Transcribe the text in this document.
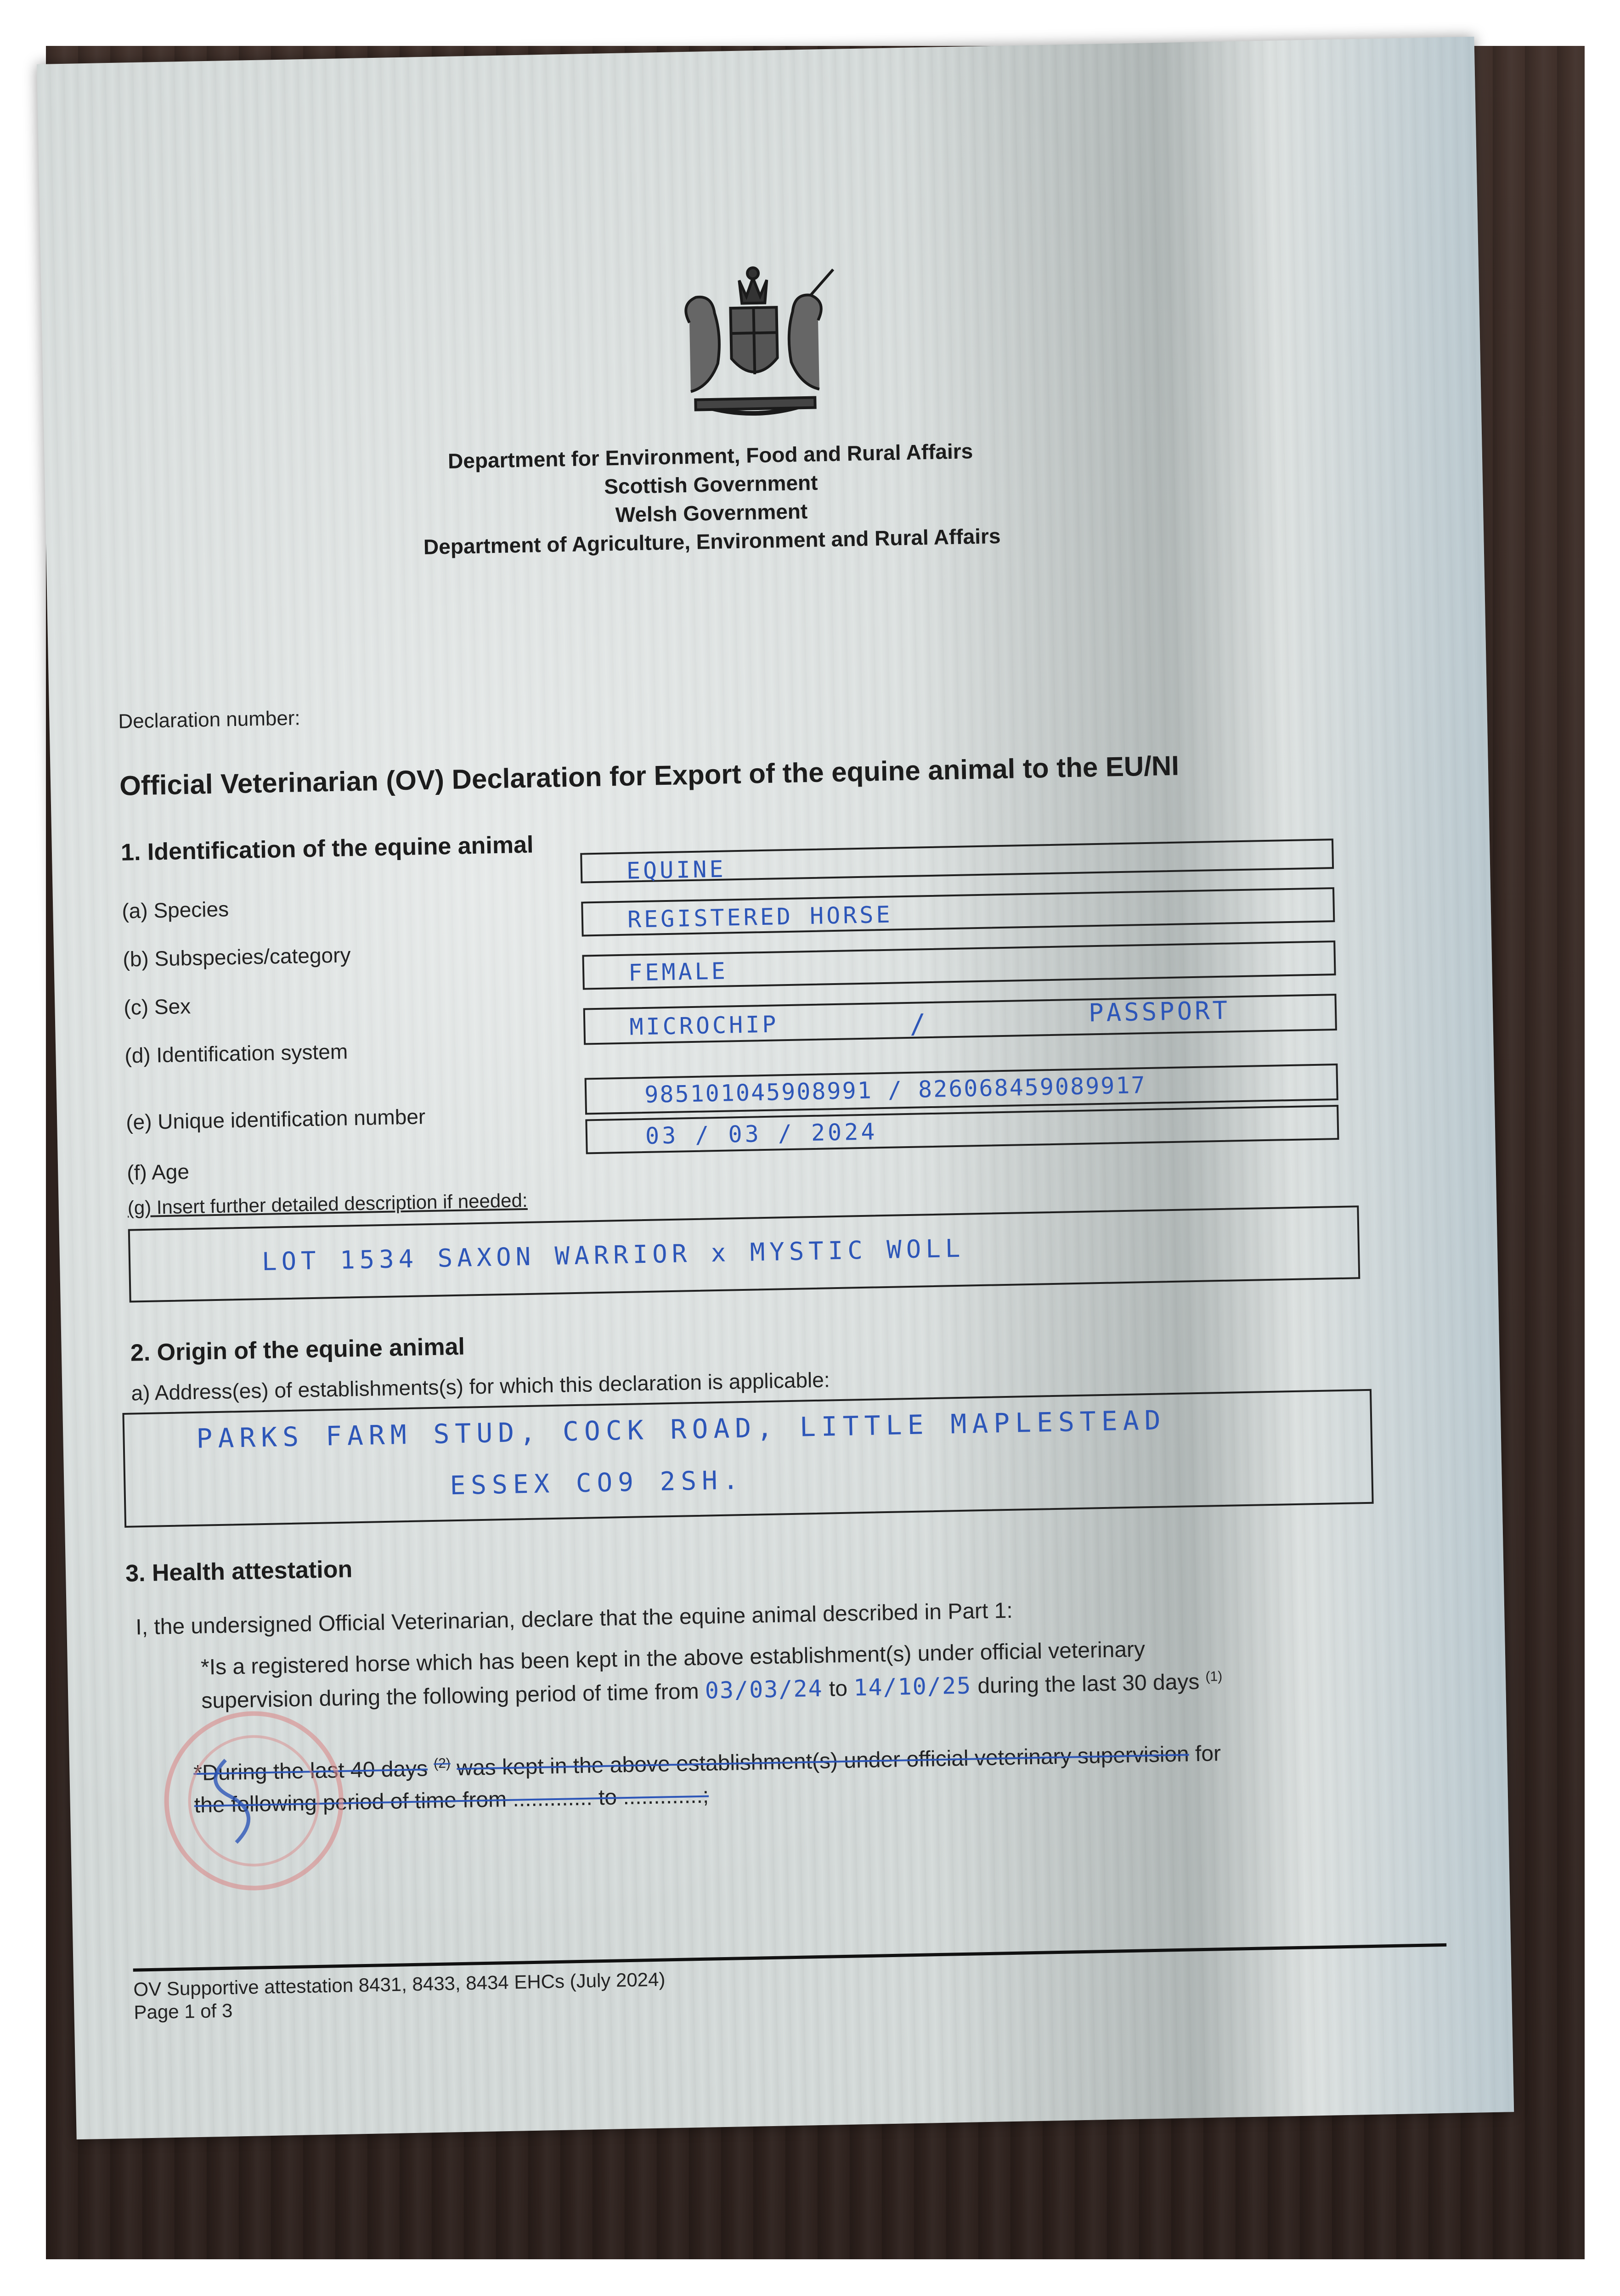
Department for Environment, Food and Rural Affairs
Scottish Government
Welsh Government
Department of Agriculture, Environment and Rural Affairs
Declaration number:
Official Veterinarian (OV) Declaration for Export of the equine animal to the EU/NI
1. Identification of the equine animal
(a) Species
(b) Subspecies/category
(c) Sex
(d) Identification system
(e) Unique identification number
(f) Age
EQUINE
REGISTERED HORSE
FEMALE
MICROCHIP	/	PASSPORT
985101045908991 / 826068459089917
03 / 03 / 2024
(g) Insert further detailed description if needed:
LOT 1534 SAXON WARRIOR x MYSTIC WOLL
2. Origin of the equine animal
a) Address(es) of establishments(s) for which this declaration is applicable:
PARKS FARM STUD, COCK ROAD, LITTLE MAPLESTEAD
ESSEX CO9 2SH.
3. Health attestation
I, the undersigned Official Veterinarian, declare that the equine animal described in Part 1:
*Is a registered horse which has been kept in the above establishment(s) under official veterinary
supervision during the following period of time from 03/03/24 to 14/10/25 during the last 30 days $^{(1)}$
*During the last 40 days $^{(2)}$ was kept in the above establishment(s) under official veterinary supervision for
the following period of time from ............. to .............;
OV Supportive attestation 8431, 8433, 8434 EHCs (July 2024)
Page 1 of 3
